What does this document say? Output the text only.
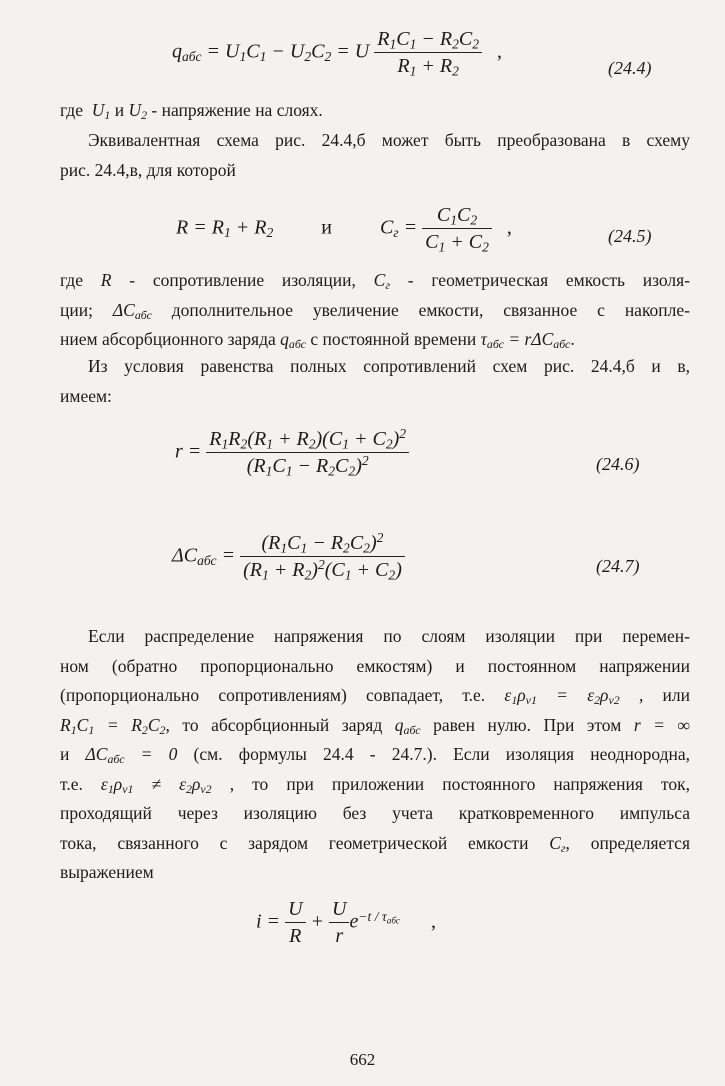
$q_{абс} = U_1C_1 - U_2C_2 = U \frac{R_1C_1 - R_2C_2}{R_1 + R_2}$ ,
(24.4)
где $U_1$ и $U_2$ - напряжение на слоях.
Эквивалентная схема рис. 24.4,б может быть преобразована в схему
рис. 24.4,в, для которой
$R = R_1 + R_2$ и  $C_г = \frac{C_1C_2}{C_1 + C_2}$ ,	(24.5)
где R - сопротивление изоляции, $C_г$ - геометрическая емкость изоля-
ции; $\Delta C_{абс}$ дополнительное увеличение емкости, связанное с накопле-
нием абсорбционного заряда $q_{абс}$ с постоянной времени $\tau_{абс} = r\Delta C_{абс}$.
Из условия равенства полных сопротивлений схем рис. 24.4,б и в,
имеем:
$r = \frac{R_1R_2(R_1 + R_2)(C_1 + C_2)^2}{(R_1C_1 - R_2C_2)^2}$	(24.6)
$\Delta C_{абс} = \frac{(R_1C_1 - R_2C_2)^2}{(R_1 + R_2)^2(C_1 + C_2)}$	(24.7)
Если распределение напряжения по слоям изоляции при перемен-
ном (обратно пропорционально емкостям) и постоянном напряжении
(пропорционально сопротивлениям) совпадает, т.е. $\varepsilon_1\rho_{v1} = \varepsilon_2\rho_{v2}$ , или
$R_1C_1 = R_2C_2$, то абсорбционный заряд $q_{абс}$ равен нулю. При этом r = ∞
и $\Delta C_{абс} = 0$ (см. формулы 24.4 - 24.7.). Если изоляция неоднородна,
т.е. $\varepsilon_1\rho_{v1} \ne \varepsilon_2\rho_{v2}$ , то при приложении постоянного напряжения ток,
проходящий через изоляцию без учета кратковременного импульса
тока, связанного с зарядом геометрической емкости $C_г$, определяется
выражением
$i = \frac{U}{R} + \frac{U}{r} e^{-t / \tau_{абс}}$ ,
662
